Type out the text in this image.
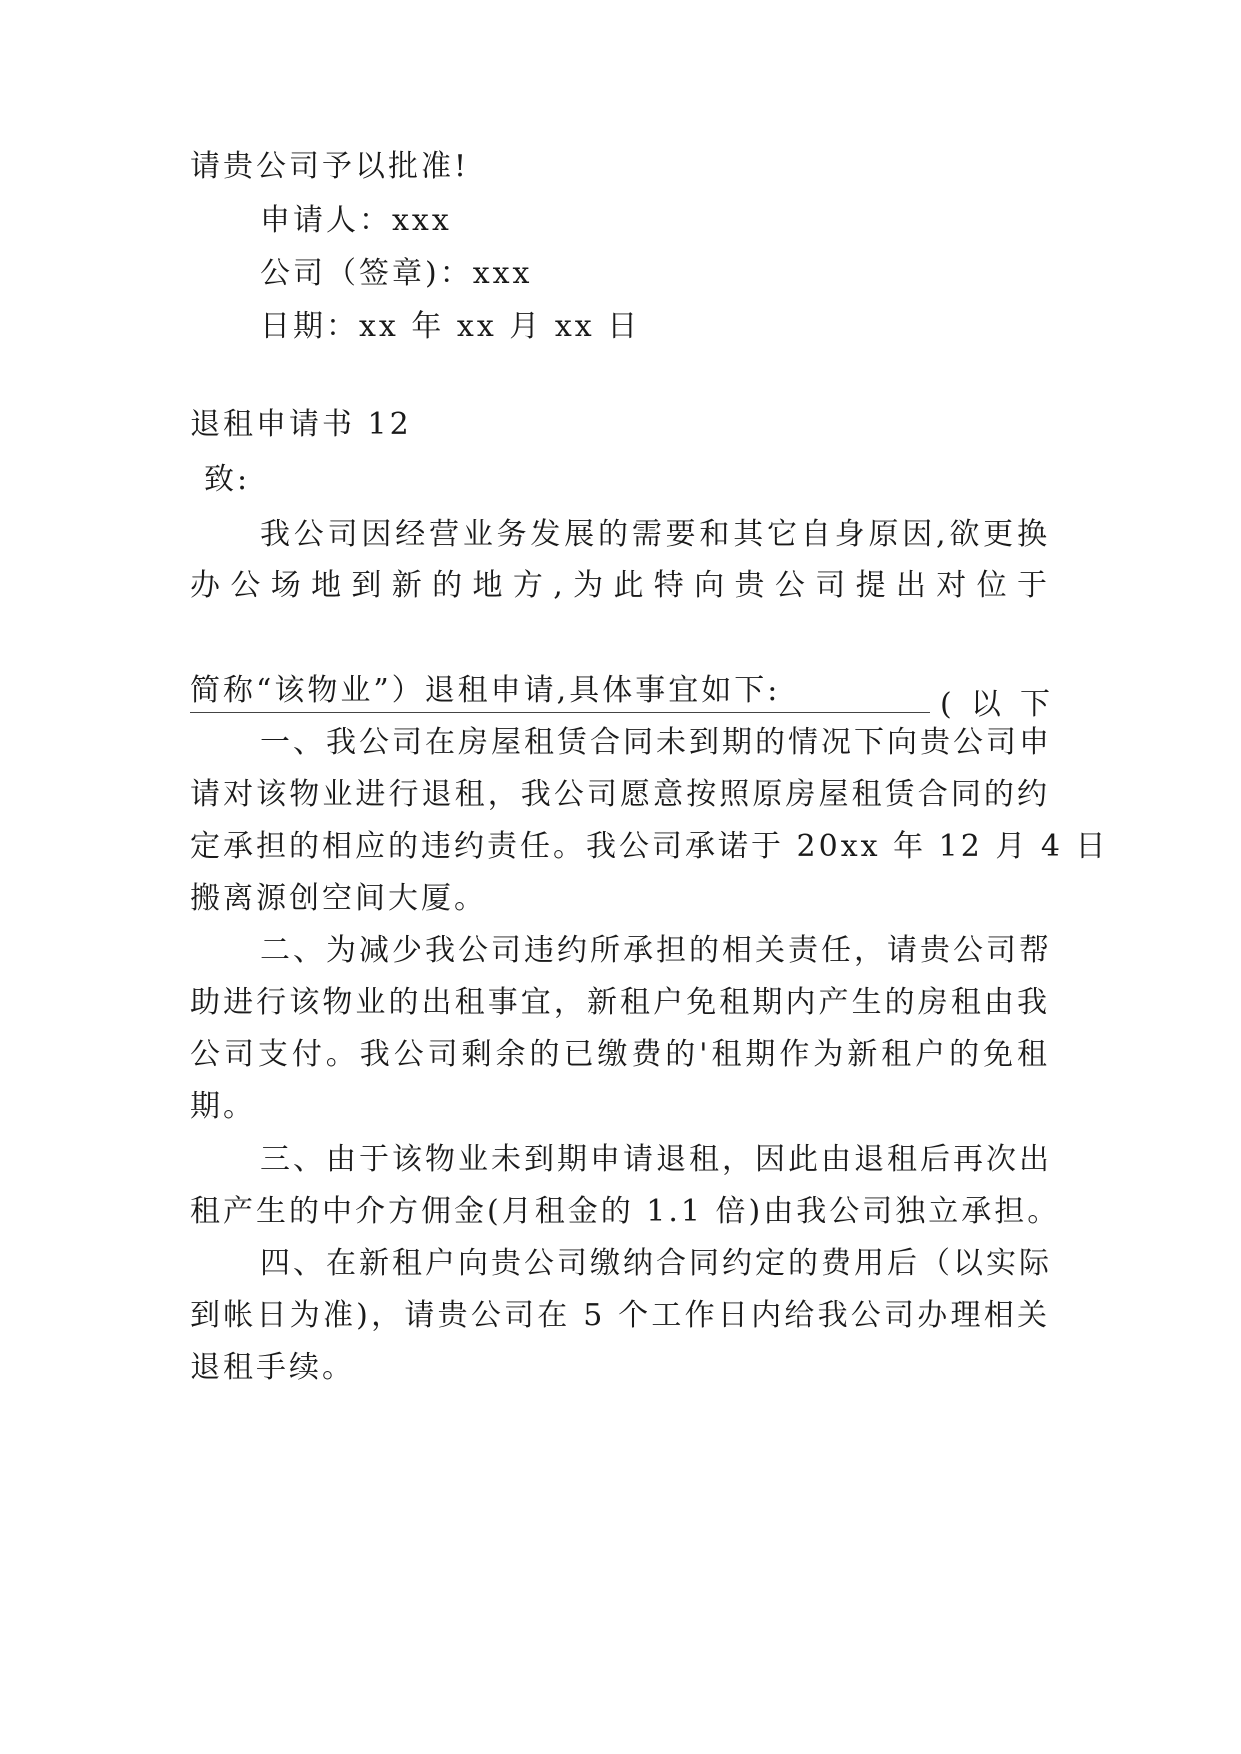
请贵公司予以批准!
申请人：xxx
公司（签章)：xxx
日期：xx 年 xx 月 xx 日
退租申请书 12
致:
我公司因经营业务发展的需要和其它自身原因,欲更换
办公场地到新的地方,为此特向贵公司提出对位于
( 以 下
简称“该物业”）退租申请,具体事宜如下:
一、我公司在房屋租赁合同未到期的情况下向贵公司申
请对该物业进行退租，我公司愿意按照原房屋租赁合同的约
定承担的相应的违约责任。我公司承诺于 20xx 年 12 月 4 日
搬离源创空间大厦。
二、为减少我公司违约所承担的相关责任，请贵公司帮
助进行该物业的出租事宜，新租户免租期内产生的房租由我
公司支付。我公司剩余的已缴费的'租期作为新租户的免租
期。
三、由于该物业未到期申请退租，因此由退租后再次出
租产生的中介方佣金(月租金的 1.1 倍)由我公司独立承担。
四、在新租户向贵公司缴纳合同约定的费用后（以实际
到帐日为准)，请贵公司在 5 个工作日内给我公司办理相关
退租手续。
